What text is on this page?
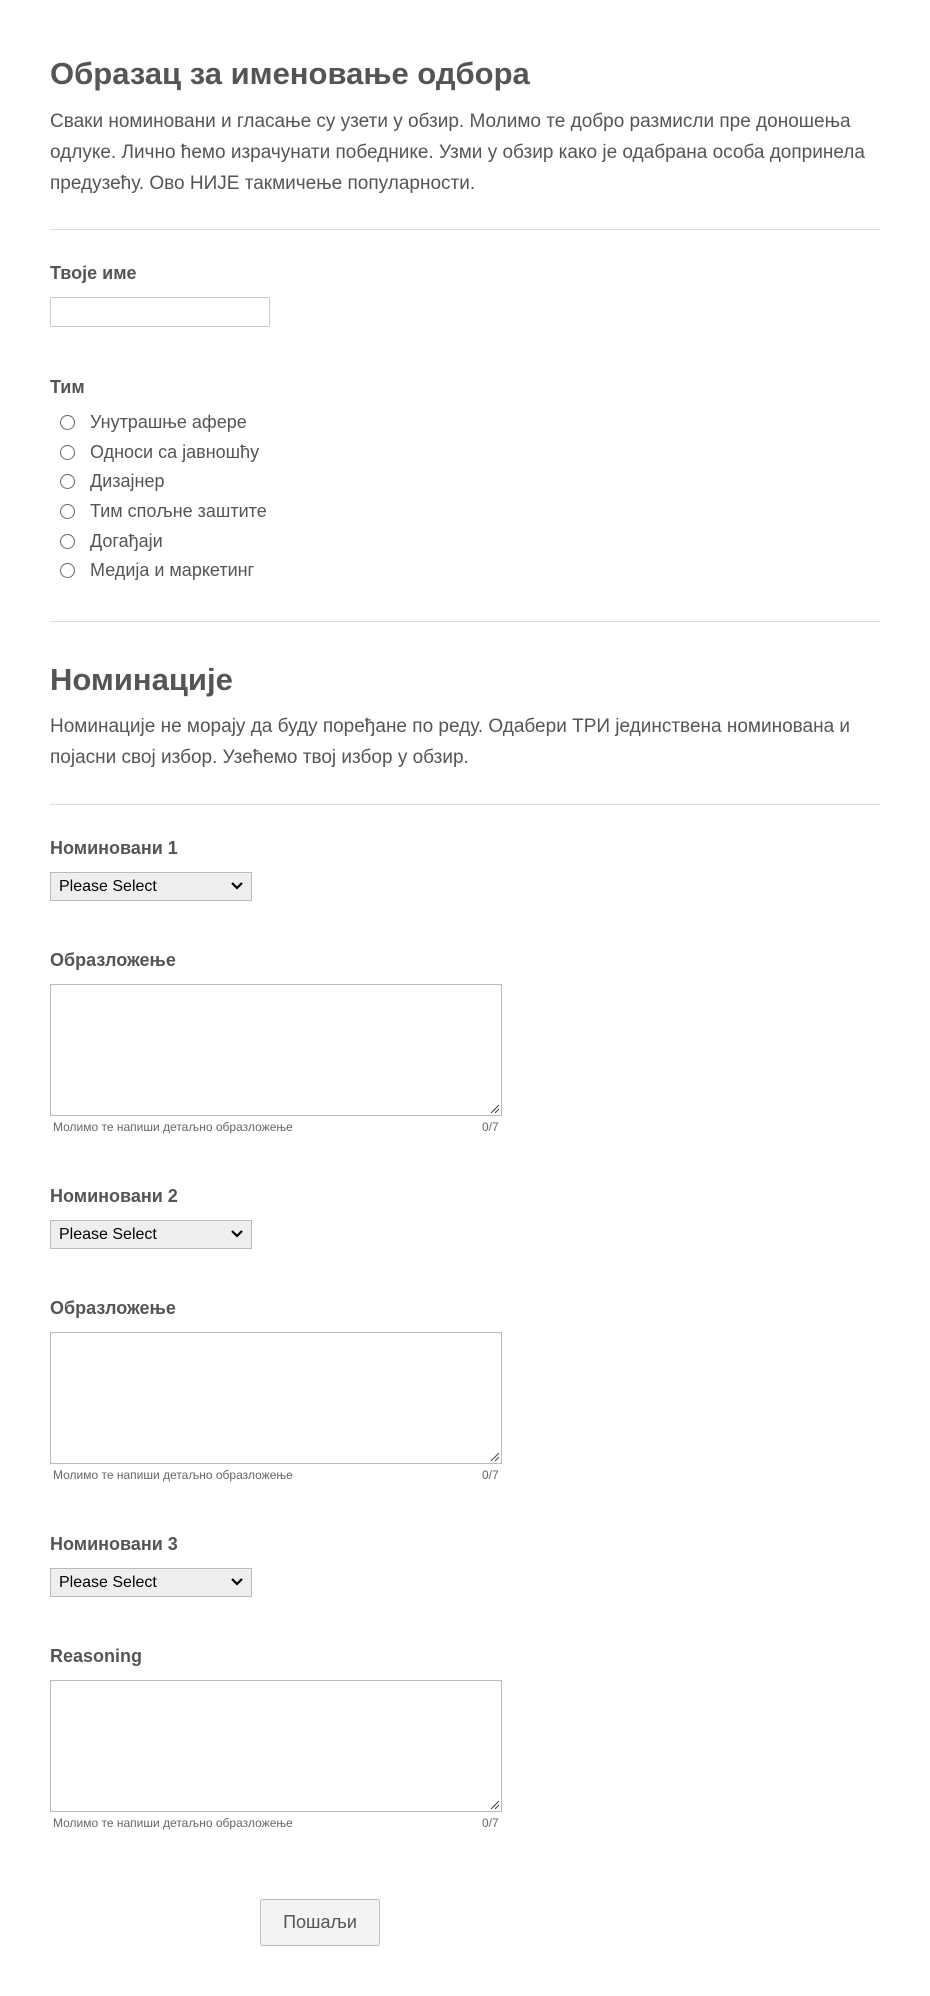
Образац за именовање одбора
Сваки номиновани и гласање су узети у обзир. Молимо те добро размисли пре доношења одлуке. Лично ћемо израчунати победнике. Узми у обзир како је одабрана особа допринела предузећу. Ово НИЈЕ такмичење популарности.
Твоје име
Тим
Унутрашње афере
Односи са јавношћу
Дизајнер
Тим спољне заштите
Догађаји
Медија и маркетинг
Номинације
Номинације не морају да буду поређане по реду. Одабери ТРИ јединствена номинована и појасни свој избор. Узећемо твој избор у обзир.
Номиновани 1
Please Select
Образложење
Молимо те напиши детаљно образложење	0/7
Номиновани 2
Please Select
Образложење
Молимо те напиши детаљно образложење	0/7
Номиновани 3
Please Select
Reasoning
Молимо те напиши детаљно образложење	0/7
Пошаљи
